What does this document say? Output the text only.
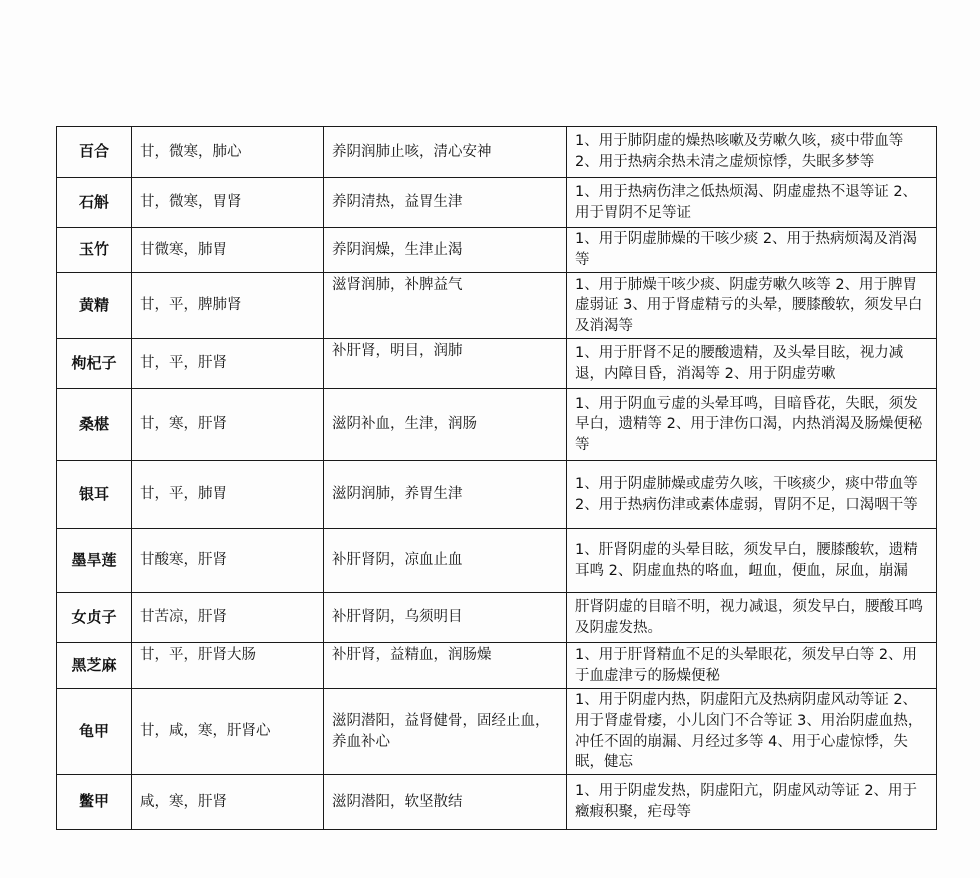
百合	甘，微寒，肺心	养阴润肺止咳，清心安神	1、用于肺阴虚的燥热咳嗽及劳嗽久咳，痰中带血等 2、用于热病余热未清之虚烦惊悸，失眠多梦等
石斛	甘，微寒，胃肾	养阴清热，益胃生津	1、用于热病伤津之低热烦渴、阴虚虚热不退等证 2、用于胃阴不足等证
玉竹	甘微寒，肺胃	养阴润燥，生津止渴	1、用于阴虚肺燥的干咳少痰 2、用于热病烦渴及消渴等
黄精	甘，平，脾肺肾	滋肾润肺，补脾益气	1、用于肺燥干咳少痰、阴虚劳嗽久咳等 2、用于脾胃虚弱证 3、用于肾虚精亏的头晕，腰膝酸软，须发早白及消渴等
枸杞子	甘，平，肝肾	补肝肾，明目，润肺	1、用于肝肾不足的腰酸遗精，及头晕目眩，视力减退，内障目昏，消渴等 2、用于阴虚劳嗽
桑椹	甘，寒，肝肾	滋阴补血，生津，润肠	1、用于阴血亏虚的头晕耳鸣，目暗昏花，失眠，须发早白，遗精等 2、用于津伤口渴，内热消渴及肠燥便秘等
银耳	甘，平，肺胃	滋阴润肺，养胃生津	1、用于阴虚肺燥或虚劳久咳，干咳痰少，痰中带血等 2、用于热病伤津或素体虚弱，胃阴不足，口渴咽干等
墨旱莲	甘酸寒，肝肾	补肝肾阴，凉血止血	1、肝肾阴虚的头晕目眩，须发早白，腰膝酸软，遗精耳鸣 2、阴虚血热的咯血，衄血，便血，尿血，崩漏
女贞子	甘苦凉，肝肾	补肝肾阴，乌须明目	肝肾阴虚的目暗不明，视力减退，须发早白，腰酸耳鸣及阴虚发热。
黑芝麻	甘，平，肝肾大肠	补肝肾，益精血，润肠燥	1、用于肝肾精血不足的头晕眼花，须发早白等 2、用于血虚津亏的肠燥便秘
龟甲	甘，咸，寒，肝肾心	滋阴潜阳，益肾健骨，固经止血，养血补心	1、用于阴虚内热，阴虚阳亢及热病阴虚风动等证 2、用于肾虚骨痿，小儿囟门不合等证 3、用治阴虚血热，冲任不固的崩漏、月经过多等 4、用于心虚惊悸，失眠，健忘
鳖甲	咸，寒，肝肾	滋阴潜阳，软坚散结	1、用于阴虚发热，阴虚阳亢，阴虚风动等证 2、用于癥瘕积聚，疟母等
